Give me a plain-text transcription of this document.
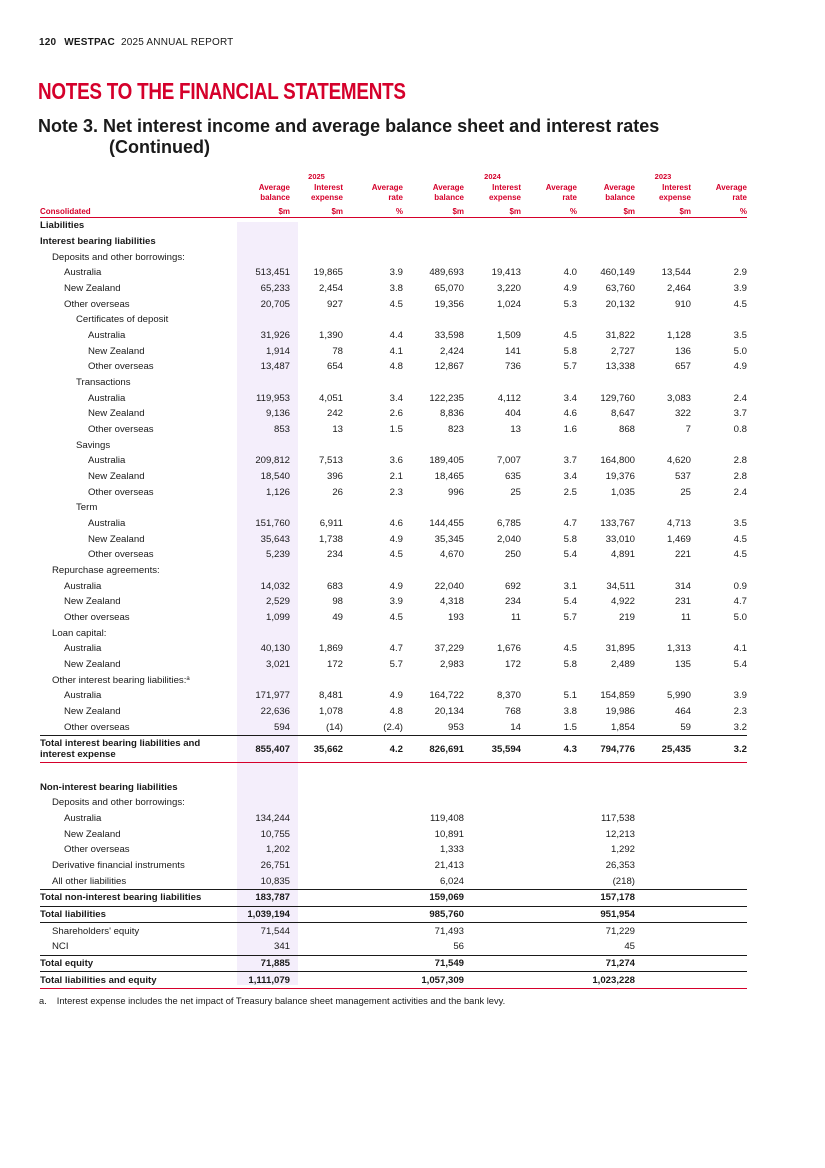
120 WESTPAC 2025 ANNUAL REPORT
NOTES TO THE FINANCIAL STATEMENTS
Note 3. Net interest income and average balance sheet and interest rates
(Continued)
		2025			2024			2023	
	Average	Interest	Average	Average	Interest	Average	Average	Interest	Average
	balance	expense	rate	balance	expense	rate	balance	expense	rate
Consolidated	$m	$m	%	$m	$m	%	$m	$m	%
Liabilities									
Interest bearing liabilities									
Deposits and other borrowings:									
Australia	513,451	19,865	3.9	489,693	19,413	4.0	460,149	13,544	2.9
New Zealand	65,233	2,454	3.8	65,070	3,220	4.9	63,760	2,464	3.9
Other overseas	20,705	927	4.5	19,356	1,024	5.3	20,132	910	4.5
Certificates of deposit									
Australia	31,926	1,390	4.4	33,598	1,509	4.5	31,822	1,128	3.5
New Zealand	1,914	78	4.1	2,424	141	5.8	2,727	136	5.0
Other overseas	13,487	654	4.8	12,867	736	5.7	13,338	657	4.9
Transactions									
Australia	119,953	4,051	3.4	122,235	4,112	3.4	129,760	3,083	2.4
New Zealand	9,136	242	2.6	8,836	404	4.6	8,647	322	3.7
Other overseas	853	13	1.5	823	13	1.6	868	7	0.8
Savings									
Australia	209,812	7,513	3.6	189,405	7,007	3.7	164,800	4,620	2.8
New Zealand	18,540	396	2.1	18,465	635	3.4	19,376	537	2.8
Other overseas	1,126	26	2.3	996	25	2.5	1,035	25	2.4
Term									
Australia	151,760	6,911	4.6	144,455	6,785	4.7	133,767	4,713	3.5
New Zealand	35,643	1,738	4.9	35,345	2,040	5.8	33,010	1,469	4.5
Other overseas	5,239	234	4.5	4,670	250	5.4	4,891	221	4.5
Repurchase agreements:									
Australia	14,032	683	4.9	22,040	692	3.1	34,511	314	0.9
New Zealand	2,529	98	3.9	4,318	234	5.4	4,922	231	4.7
Other overseas	1,099	49	4.5	193	11	5.7	219	11	5.0
Loan capital:									
Australia	40,130	1,869	4.7	37,229	1,676	4.5	31,895	1,313	4.1
New Zealand	3,021	172	5.7	2,983	172	5.8	2,489	135	5.4
Other interest bearing liabilities:$^a$									
Australia	171,977	8,481	4.9	164,722	8,370	5.1	154,859	5,990	3.9
New Zealand	22,636	1,078	4.8	20,134	768	3.8	19,986	464	2.3
Other overseas	594	(14)	(2.4)	953	14	1.5	1,854	59	3.2
Total interest bearing liabilities and
interest expense	855,407	35,662	4.2	826,691	35,594	4.3	794,776	25,435	3.2

Non-interest bearing liabilities									
Deposits and other borrowings:									
Australia	134,244			119,408			117,538		
New Zealand	10,755			10,891			12,213		
Other overseas	1,202			1,333			1,292		
Derivative financial instruments	26,751			21,413			26,353		
All other liabilities	10,835			6,024			(218)		
Total non-interest bearing liabilities	183,787			159,069			157,178		
Total liabilities	1,039,194			985,760			951,954		
Shareholders' equity	71,544			71,493			71,229		
NCI	341			56			45		
Total equity	71,885			71,549			71,274		
Total liabilities and equity	1,111,079			1,057,309			1,023,228		
a. Interest expense includes the net impact of Treasury balance sheet management activities and the bank levy.
